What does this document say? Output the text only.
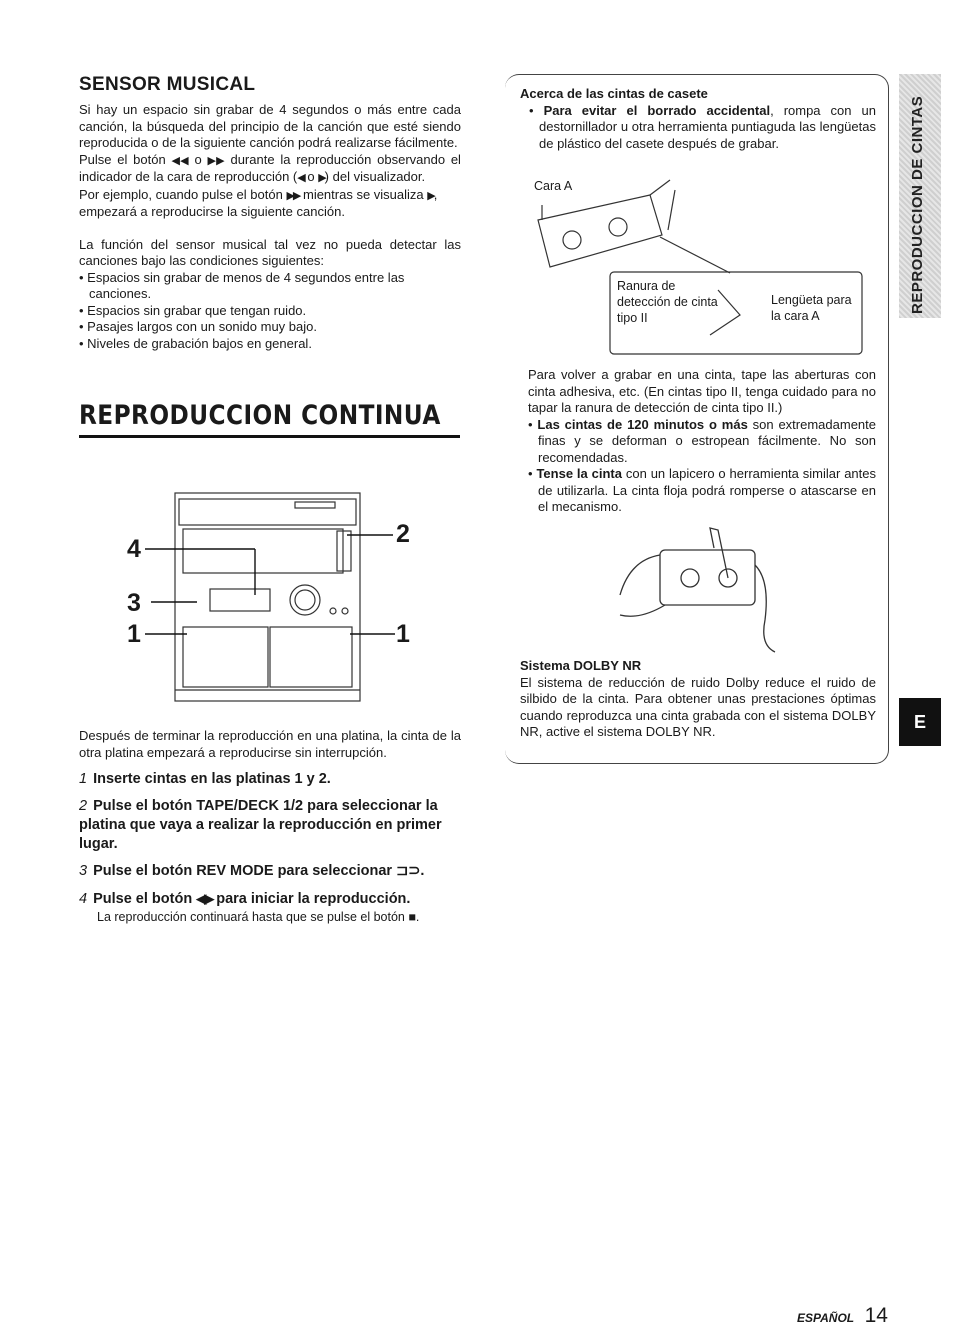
SENSOR MUSICAL

Si hay un espacio sin grabar de 4 segundos o más entre cada canción, la búsqueda del principio de la canción que esté siendo reproducida o de la siguiente canción podrá realizarse fácilmente.

Pulse el botón ◀◀ o ▶▶ durante la reproducción observando el indicador de la cara de reproducción (◀ o ▶) del visualizador.

Por ejemplo, cuando pulse el botón ▶▶ mientras se visualiza ▶, empezará a reproducirse la siguiente canción.

La función del sensor musical tal vez no pueda detectar las canciones bajo las condiciones siguientes:

• Espacios sin grabar de menos de 4 segundos entre las canciones.

• Espacios sin grabar que tengan ruido.

• Pasajes largos con un sonido muy bajo.

• Niveles de grabación bajos en general.

REPRODUCCION CONTINUA
4
3
1
2
1

Después de terminar la reproducción en una platina, la cinta de la otra platina empezará a reproducirse sin interrupción.

1 Inserte cintas en las platinas 1 y 2.

2 Pulse el botón TAPE/DECK 1/2 para seleccionar la platina que vaya a realizar la reproducción en primer lugar.

3 Pulse el botón REV MODE para seleccionar ⊐⊃.

4 Pulse el botón ◀▶ para iniciar la reproducción.

La reproducción continuará hasta que se pulse el botón ■.

Acerca de las cintas de casete

• Para evitar el borrado accidental, rompa con un destornillador u otra herramienta puntiaguda las lengüetas de plástico del casete después de grabar.

Cara A
Ranura de detección de cinta tipo II
Lengüeta para la cara A

Para volver a grabar en una cinta, tape las aberturas con cinta adhesiva, etc. (En cintas tipo II, tenga cuidado para no tapar la ranura de detección de cinta tipo II.)

• Las cintas de 120 minutos o más son extremadamente finas y se deforman o estropean fácilmente. No son recomendadas.

• Tense la cinta con un lapicero o herramienta similar antes de utilizarla. La cinta floja podrá romperse o atascarse en el mecanismo.

Sistema DOLBY NR

El sistema de reducción de ruido Dolby reduce el ruido de silbido de la cinta. Para obtener unas prestaciones óptimas cuando reproduzca una cinta grabada con el sistema DOLBY NR, active el sistema DOLBY NR.

REPRODUCCION DE CINTAS
E
ESPAÑOL 14
